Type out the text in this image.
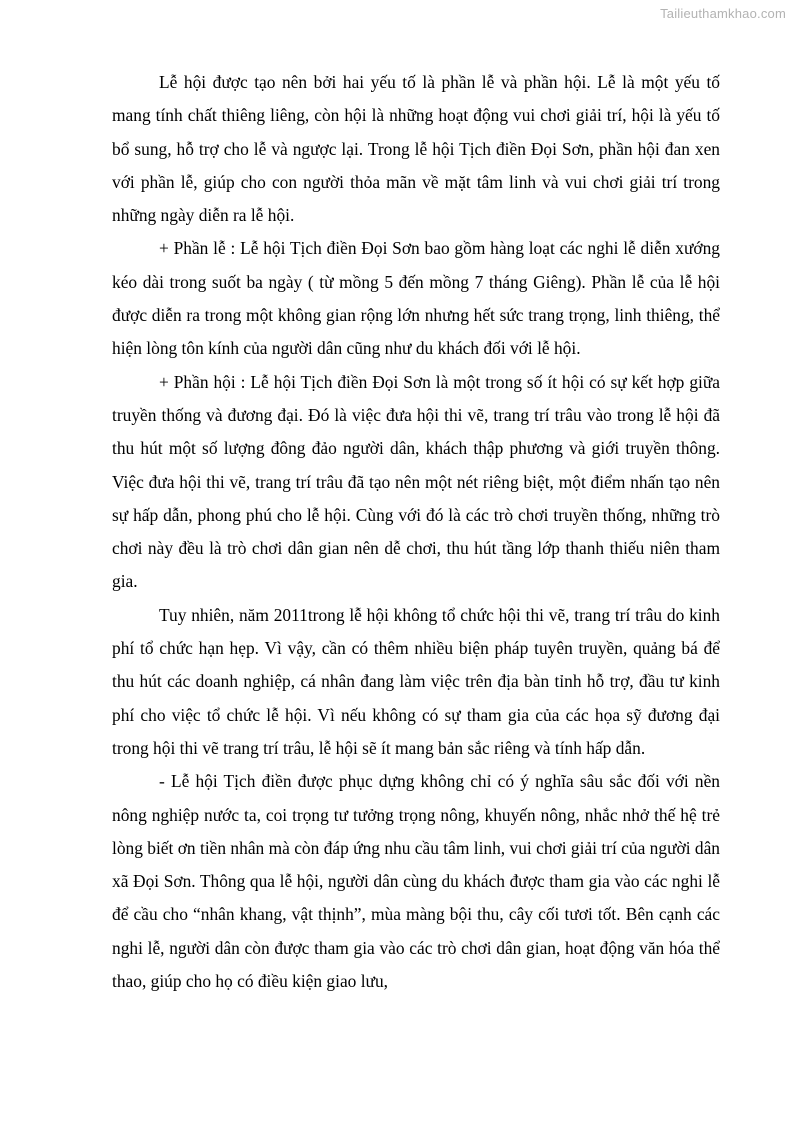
Tailieuthamkhao.com

Lễ hội được tạo nên bởi hai yếu tố là phần lễ và phần hội. Lễ là một yếu tố mang tính chất thiêng liêng, còn hội là những hoạt động vui chơi giải trí, hội là yếu tố bổ sung, hỗ trợ cho lễ và ngược lại. Trong lễ hội Tịch điền Đọi Sơn, phần hội đan xen với phần lễ, giúp cho con người thỏa mãn về mặt tâm linh và vui chơi giải trí trong những ngày diễn ra lễ hội.

+ Phần lễ : Lễ hội Tịch điền Đọi Sơn bao gồm hàng loạt các nghi lễ diễn xướng kéo dài trong suốt ba ngày ( từ mồng 5 đến mồng 7 tháng Giêng). Phần lễ của lễ hội được diễn ra trong một không gian rộng lớn nhưng hết sức trang trọng, linh thiêng, thể hiện lòng tôn kính của người dân cũng như du khách đối với lễ hội.

+ Phần hội : Lễ hội Tịch điền Đọi Sơn là một trong số ít hội có sự kết hợp giữa truyền thống và đương đại. Đó là việc đưa hội thi vẽ, trang trí trâu vào trong lễ hội đã thu hút một số lượng đông đảo người dân, khách thập phương và giới truyền thông. Việc đưa hội thi vẽ, trang trí trâu đã tạo nên một nét riêng biệt, một điểm nhấn tạo nên sự hấp dẫn, phong phú cho lễ hội. Cùng với đó là các trò chơi truyền thống, những trò chơi này đều là trò chơi dân gian nên dễ chơi, thu hút tầng lớp thanh thiếu niên tham gia.

Tuy nhiên, năm 2011trong lễ hội không tổ chức hội thi vẽ, trang trí trâu do kinh phí tổ chức hạn hẹp. Vì vậy, cần có thêm nhiều biện pháp tuyên truyền, quảng bá để thu hút các doanh nghiệp, cá nhân đang làm việc trên địa bàn tỉnh hỗ trợ, đầu tư kinh phí cho việc tổ chức lễ hội. Vì nếu không có sự tham gia của các họa sỹ đương đại trong hội thi vẽ trang trí trâu, lễ hội sẽ ít mang bản sắc riêng và tính hấp dẫn.

- Lễ hội Tịch điền được phục dựng không chỉ có ý nghĩa sâu sắc đối với nền nông nghiệp nước ta, coi trọng tư tưởng trọng nông, khuyến nông, nhắc nhở thế hệ trẻ lòng biết ơn tiền nhân mà còn đáp ứng nhu cầu tâm linh, vui chơi giải trí của người dân xã Đọi Sơn. Thông qua lễ hội, người dân cùng du khách được tham gia vào các nghi lễ để cầu cho “nhân khang, vật thịnh”, mùa màng bội thu, cây cối tươi tốt. Bên cạnh các nghi lễ, người dân còn được tham gia vào các trò chơi dân gian, hoạt động văn hóa thể thao, giúp cho họ có điều kiện giao lưu,
